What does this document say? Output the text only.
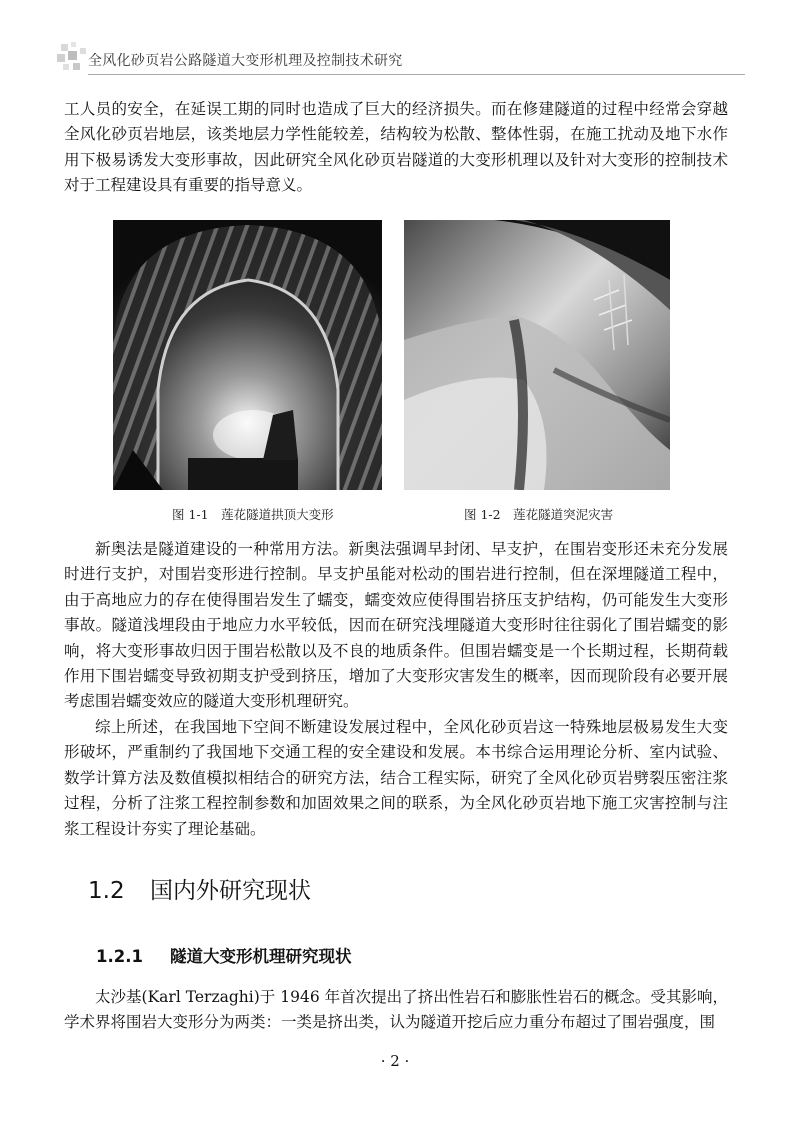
全风化砂页岩公路隧道大变形机理及控制技术研究

工人员的安全，在延误工期的同时也造成了巨大的经济损失。而在修建隧道的过程中经常会穿越全风化砂页岩地层，该类地层力学性能较差，结构较为松散、整体性弱，在施工扰动及地下水作用下极易诱发大变形事故，因此研究全风化砂页岩隧道的大变形机理以及针对大变形的控制技术对于工程建设具有重要的指导意义。

图 1-1　莲花隧道拱顶大变形	图 1-2　莲花隧道突泥灾害

新奥法是隧道建设的一种常用方法。新奥法强调早封闭、早支护，在围岩变形还未充分发展时进行支护，对围岩变形进行控制。早支护虽能对松动的围岩进行控制，但在深埋隧道工程中，由于高地应力的存在使得围岩发生了蠕变，蠕变效应使得围岩挤压支护结构，仍可能发生大变形事故。隧道浅埋段由于地应力水平较低，因而在研究浅埋隧道大变形时往往弱化了围岩蠕变的影响，将大变形事故归因于围岩松散以及不良的地质条件。但围岩蠕变是一个长期过程，长期荷载作用下围岩蠕变导致初期支护受到挤压，增加了大变形灾害发生的概率，因而现阶段有必要开展考虑围岩蠕变效应的隧道大变形机理研究。

综上所述，在我国地下空间不断建设发展过程中，全风化砂页岩这一特殊地层极易发生大变形破坏，严重制约了我国地下交通工程的安全建设和发展。本书综合运用理论分析、室内试验、数学计算方法及数值模拟相结合的研究方法，结合工程实际，研究了全风化砂页岩劈裂压密注浆过程，分析了注浆工程控制参数和加固效果之间的联系，为全风化砂页岩地下施工灾害控制与注浆工程设计夯实了理论基础。

1.2 国内外研究现状
1.2.1 隧道大变形机理研究现状

太沙基(Karl Terzaghi)于 1946 年首次提出了挤出性岩石和膨胀性岩石的概念。受其影响，学术界将围岩大变形分为两类：一类是挤出类，认为隧道开挖后应力重分布超过了围岩强度，围

· 2 ·
